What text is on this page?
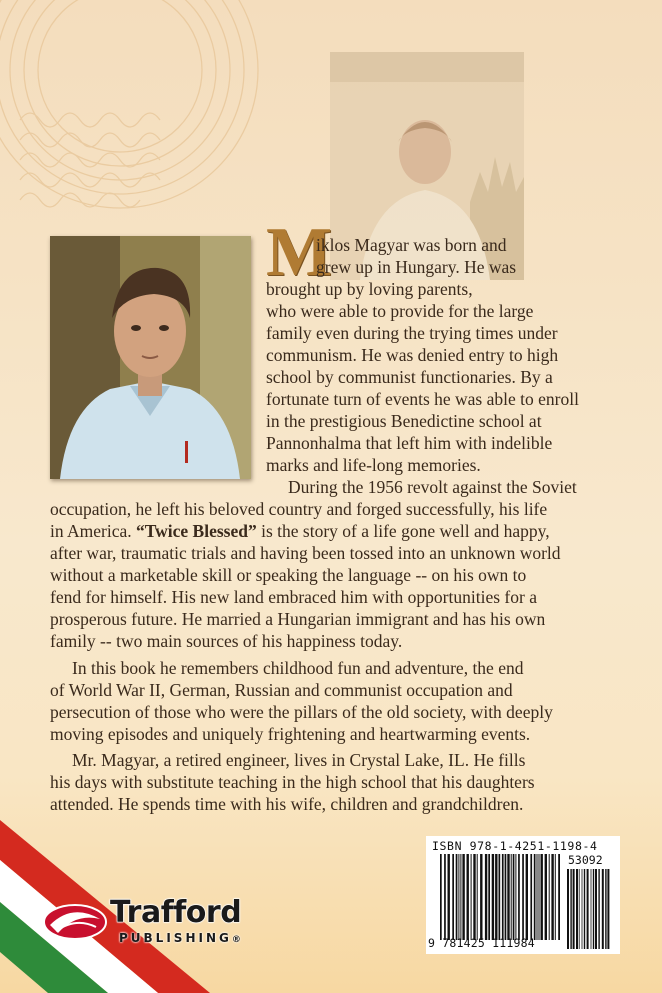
M
iklos Magyar was born and
grew up in Hungary. He was
brought up by loving parents,
who were able to provide for the large
family even during the trying times under
communism. He was denied entry to high
school by communist functionaries. By a
fortunate turn of events he was able to enroll
in the prestigious Benedictine school at
Pannonhalma that left him with indelible
marks and life-long memories.
During the 1956 revolt against the Soviet
occupation, he left his beloved country and forged successfully, his life
in America. “Twice Blessed” is the story of a life gone well and happy,
after war, traumatic trials and having been tossed into an unknown world
without a marketable skill or speaking the language -- on his own to
fend for himself. His new land embraced him with opportunities for a
prosperous future. He married a Hungarian immigrant and has his own
family -- two main sources of his happiness today.
In this book he remembers childhood fun and adventure, the end
of World War II, German, Russian and communist occupation and
persecution of those who were the pillars of the old society, with deeply
moving episodes and uniquely frightening and heartwarming events.
Mr. Magyar, a retired engineer, lives in Crystal Lake, IL. He fills
his days with substitute teaching in the high school that his daughters
attended. He spends time with his wife, children and grandchildren.
Trafford
PUBLISHING®
ISBN 978-1-4251-1198-4
53092
9 781425 111984
